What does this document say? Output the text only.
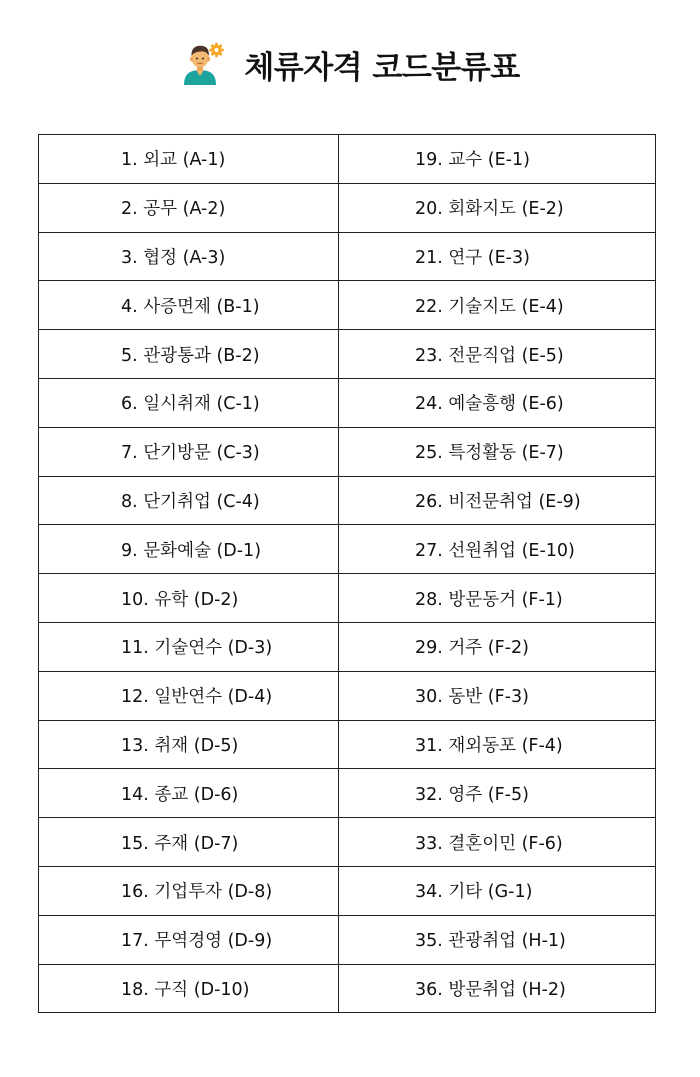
체류자격 코드분류표
1. 외교 (A-1)	19. 교수 (E-1)
2. 공무 (A-2)	20. 회화지도 (E-2)
3. 협정 (A-3)	21. 연구 (E-3)
4. 사증면제 (B-1)	22. 기술지도 (E-4)
5. 관광통과 (B-2)	23. 전문직업 (E-5)
6. 일시취재 (C-1)	24. 예술흥행 (E-6)
7. 단기방문 (C-3)	25. 특정활동 (E-7)
8. 단기취업 (C-4)	26. 비전문취업 (E-9)
9. 문화예술 (D-1)	27. 선원취업 (E-10)
10. 유학 (D-2)	28. 방문동거 (F-1)
11. 기술연수 (D-3)	29. 거주 (F-2)
12. 일반연수 (D-4)	30. 동반 (F-3)
13. 취재 (D-5)	31. 재외동포 (F-4)
14. 종교 (D-6)	32. 영주 (F-5)
15. 주재 (D-7)	33. 결혼이민 (F-6)
16. 기업투자 (D-8)	34. 기타 (G-1)
17. 무역경영 (D-9)	35. 관광취업 (H-1)
18. 구직 (D-10)	36. 방문취업 (H-2)
